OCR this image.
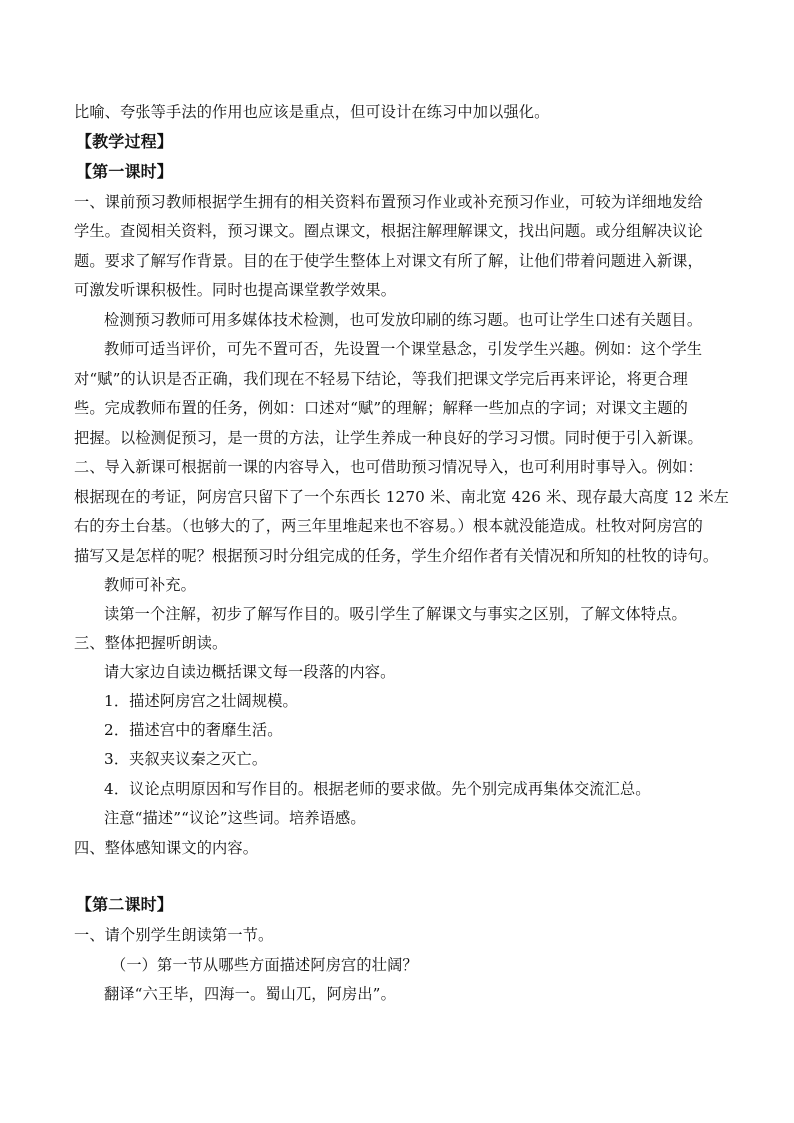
比喻、夸张等手法的作用也应该是重点，但可设计在练习中加以强化。
【教学过程】
【第一课时】
一、课前预习教师根据学生拥有的相关资料布置预习作业或补充预习作业，可较为详细地发给
学生。查阅相关资料，预习课文。圈点课文，根据注解理解课文，找出问题。或分组解决议论
题。要求了解写作背景。目的在于使学生整体上对课文有所了解，让他们带着问题进入新课，
可激发听课积极性。同时也提高课堂教学效果。
检测预习教师可用多媒体技术检测，也可发放印刷的练习题。也可让学生口述有关题目。
教师可适当评价，可先不置可否，先设置一个课堂悬念，引发学生兴趣。例如：这个学生
对“赋”的认识是否正确，我们现在不轻易下结论，等我们把课文学完后再来评论，将更合理
些。完成教师布置的任务，例如：口述对“赋”的理解；解释一些加点的字词；对课文主题的
把握。以检测促预习，是一贯的方法，让学生养成一种良好的学习习惯。同时便于引入新课。
二、导入新课可根据前一课的内容导入，也可借助预习情况导入，也可利用时事导入。例如：
根据现在的考证，阿房宫只留下了一个东西长 1270 米、南北宽 426 米、现存最大高度 12 米左
右的夯土台基。（也够大的了，两三年里堆起来也不容易。）根本就没能造成。杜牧对阿房宫的
描写又是怎样的呢？根据预习时分组完成的任务，学生介绍作者有关情况和所知的杜牧的诗句。
教师可补充。
读第一个注解，初步了解写作目的。吸引学生了解课文与事实之区别，了解文体特点。
三、整体把握听朗读。
请大家边自读边概括课文每一段落的内容。
1．描述阿房宫之壮阔规模。
2．描述宫中的奢靡生活。
3．夹叙夹议秦之灭亡。
4．议论点明原因和写作目的。根据老师的要求做。先个别完成再集体交流汇总。
注意“描述”“议论”这些词。培养语感。
四、整体感知课文的内容。
【第二课时】
一、请个别学生朗读第一节。
（一）第一节从哪些方面描述阿房宫的壮阔？
翻译“六王毕，四海一。蜀山兀，阿房出”。
